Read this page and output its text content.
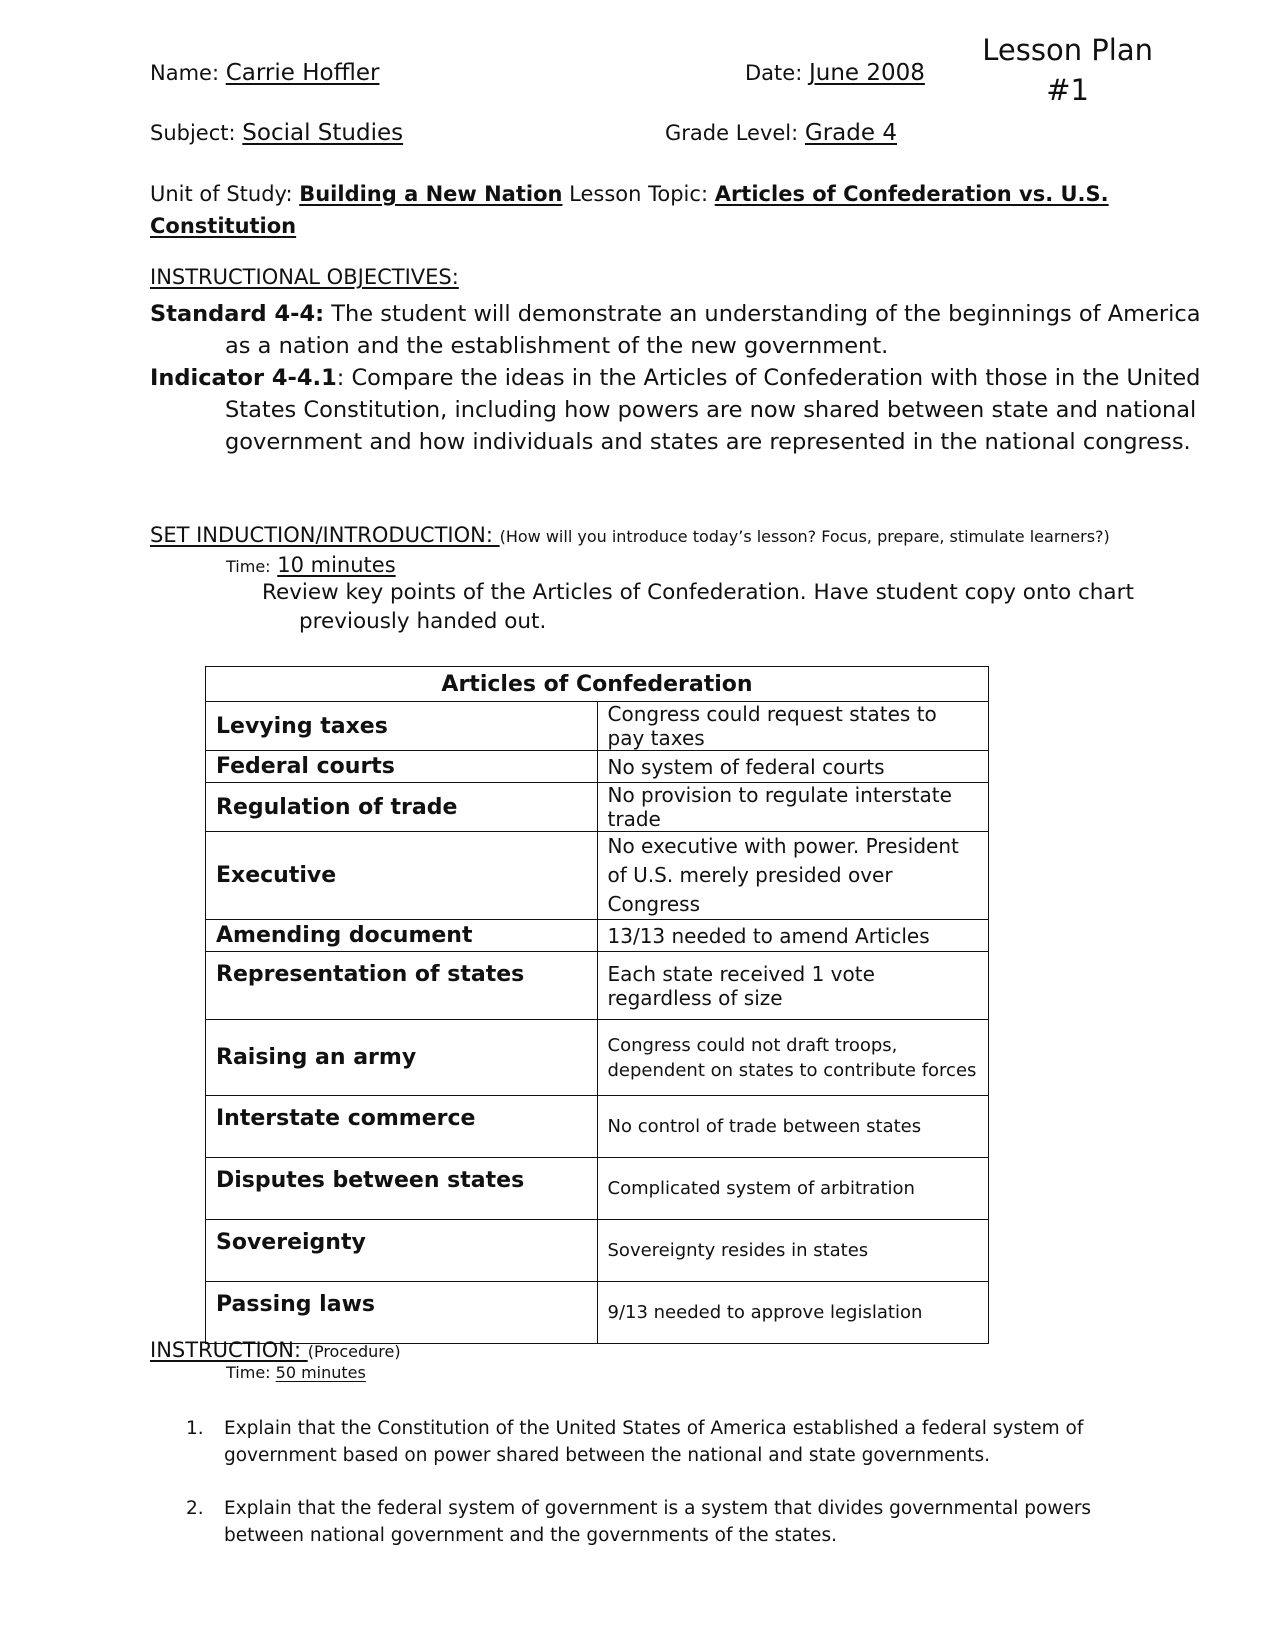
Lesson Plan
#1
Name: Carrie Hoffler	Date: June 2008
Subject: Social Studies	Grade Level: Grade 4
Unit of Study: Building a New Nation Lesson Topic: Articles of Confederation vs. U.S. Constitution
INSTRUCTIONAL OBJECTIVES:
Standard 4-4: The student will demonstrate an understanding of the beginnings of America as a nation and the establishment of the new government.
Indicator 4-4.1: Compare the ideas in the Articles of Confederation with those in the United States Constitution, including how powers are now shared between state and national government and how individuals and states are represented in the national congress.
SET INDUCTION/INTRODUCTION: (How will you introduce today’s lesson? Focus, prepare, stimulate learners?)
Time: 10 minutes
Review key points of the Articles of Confederation. Have student copy onto chart
previously handed out.
Articles of Confederation	
Levying taxes	Congress could request states to pay taxes
Federal courts	No system of federal courts
Regulation of trade	No provision to regulate interstate trade
Executive	No executive with power. President of U.S. merely presided over Congress
Amending document	13/13 needed to amend Articles
Representation of states	Each state received 1 vote regardless of size
Raising an army	Congress could not draft troops, dependent on states to contribute forces
Interstate commerce	No control of trade between states
Disputes between states	Complicated system of arbitration
Sovereignty	Sovereignty resides in states
Passing laws	9/13 needed to approve legislation
INSTRUCTION: (Procedure)
Time: 50 minutes
1. Explain that the Constitution of the United States of America established a federal system of government based on power shared between the national and state governments.
2. Explain that the federal system of government is a system that divides governmental powers between national government and the governments of the states.
